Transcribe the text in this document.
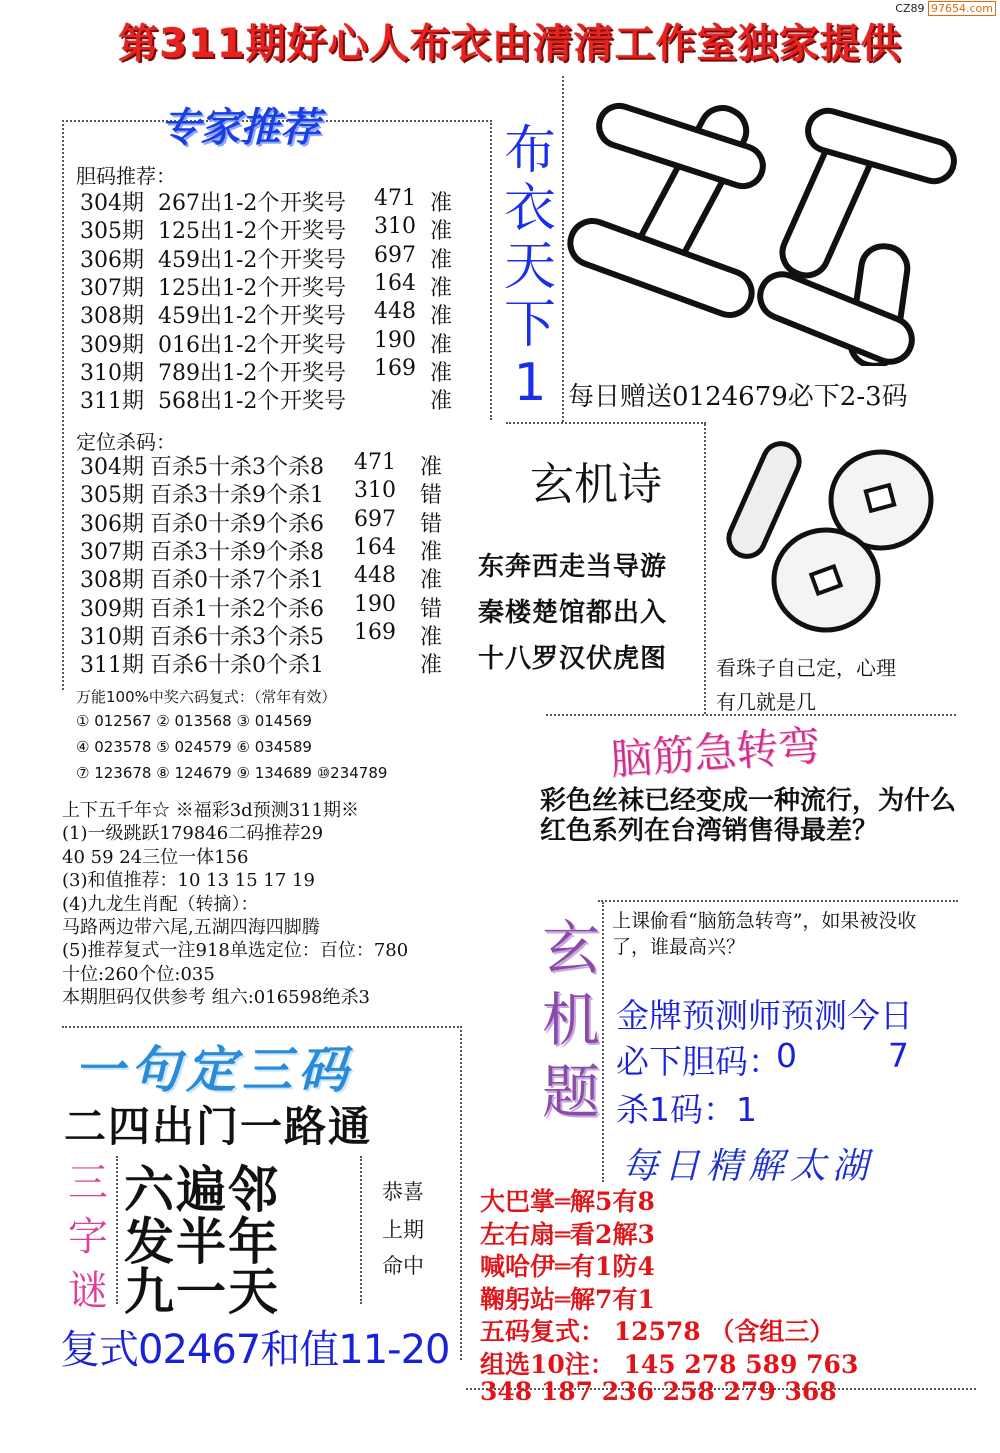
CZ89 97654.com
第311期好心人布衣由清清工作室独家提供
专家推荐
胆码推荐：
304期 267出1-2个 开奖号 471 准
305期 125出1-2个 开奖号 310 准
306期 459出1-2个 开奖号 697 准
307期 125出1-2个 开奖号 164 准
308期 459出1-2个 开奖号 448 准
309期 016出1-2个 开奖号 190 准
310期 789出1-2个 开奖号 169 准
311期 568出1-2个 开奖号	准
定位杀码：
304期 百杀5十杀3个杀8 471 准
305期 百杀3十杀9个杀1 310 错
306期 百杀0十杀9个杀6 697 错
307期 百杀3十杀9个杀8 164 准
308期 百杀0十杀7个杀1 448 准
309期 百杀1十杀2个杀6 190 错
310期 百杀6十杀3个杀5 169 准
311期 百杀6十杀0个杀1	准
万能100%中奖六码复式：（常年有效）
① 012567 ② 013568 ③ 014569
④ 023578 ⑤ 024579 ⑥ 034589
⑦ 123678 ⑧ 124679 ⑨ 134689 ⑩234789
上下五千年☆ ※福彩3d预测311期※
(1)一级跳跃179846二码推荐29
40 59 24三位一体156
(3)和值推荐：10 13 15 17 19
(4)九龙生肖配（转摘）：
马路两边带六尾,五湖四海四脚腾
(5)推荐复式一注918单选定位：百位：780
十位:260个位:035
本期胆码仅供参考 组六:016598绝杀3
布
衣
天
下
1 每日赠送0124679必下2-3码
玄机诗
东奔西走当导游
秦楼楚馆都出入
十八罗汉伏虎图 看珠子自己定，心理
有几就是几
脑筋急转弯
彩色丝袜已经变成一种流行，为什么红色系列在台湾销售得最差？
玄
机
题
上课偷看“脑筋急转弯”，如果被没收了，谁最高兴？
金牌预测师预测今日
必下胆码：
0	7
杀1码：1
每日精解太湖
大巴掌═解5有8
左右扇═看2解3
喊哈伊═有1防4
鞠躬站═解7有1
五码复式： 12578 （含组三）
组选10注： 145 278 589 763
348 187 236 258 279 368
一句定三码
二四出门一路通
三
字
谜
六遍邻
发半年
九一天
恭喜
上期
命中
复式02467和值11-20
